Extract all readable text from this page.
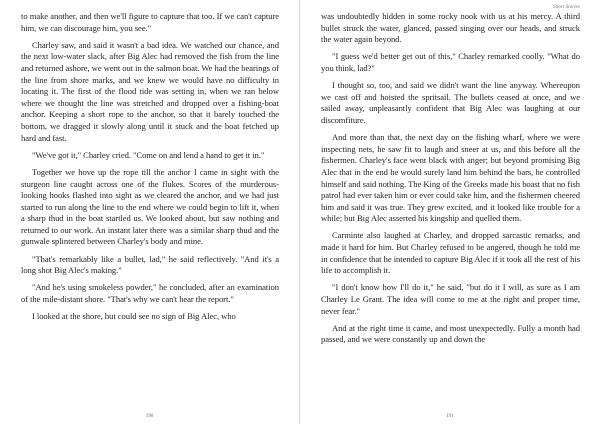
to make another, and then we'll figure to capture that too. If we can't capture him, we can discourage him, you see."

Charley saw, and said it wasn't a bad idea. We watched our chance, and the next low-water slack, after Big Alec had removed the fish from the line and returned ashore, we went out in the salmon boat. We had the bearings of the line from shore marks, and we knew we would have no difficulty in locating it. The first of the flood tide was setting in, when we ran below where we thought the line was stretched and dropped over a fishing-boat anchor. Keeping a short rope to the anchor, so that it barely touched the bottom, we dragged it slowly along until it stuck and the boat fetched up hard and fast.

"We've got it," Charley cried. "Come on and lend a hand to get it in."

Together we hove up the rope till the anchor I came in sight with the sturgeon line caught across one of the flukes. Scores of the murderous-looking hooks flashed into sight as we cleared the anchor, and we had just started to run along the line to the end where we could begin to lift it, when a sharp thud in the boat startled us. We looked about, but saw nothing and returned to our work. An instant later there was a similar sharp thud and the gunwale splintered between Charley's body and mine.

"That's remarkably like a bullet, lad," he said reflectively. "And it's a long shot Big Alec's making."

"And he's using smokeless powder," he concluded, after an examination of the mile-distant shore. "That's why we can't hear the report."

I looked at the shore, but could see no sign of Big Alec, who

190
Short Stories

was undoubtedly hidden in some rocky nook with us at his mercy. A third bullet struck the water, glanced, passed singing over our heads, and struck the water again beyond.

"I guess we'd better get out of this," Charley remarked coolly. "What do you think, lad?"

I thought so, too, and said we didn't want the line anyway. Whereupon we cast off and hoisted the spritsail. The bullets ceased at once, and we sailed away, unpleasantly confident that Big Alec was laughing at our discomfiture.

And more than that, the next day on the fishing wharf, where we were inspecting nets, he saw fit to laugh and sneer at us, and this before all the fishermen. Charley's face went black with anger; but beyond promising Big Alec that in the end he would surely land him behind the bars, he controlled himself and said nothing. The King of the Greeks made his boast that no fish patrol had ever taken him or ever could take him, and the fishermen cheered him and said it was true. They grew excited, and it looked like trouble for a while; but Big Alec asserted his kingship and quelled them.

Carminte also laughed at Charley, and dropped sarcastic remarks, and made it hard for him. But Charley refused to be angered, though he told me in confidence that he intended to capture Big Alec if it took all the rest of his life to accomplish it.

"I don't know how I'll do it," he said, "but do it I will, as sure as I am Charley Le Grant. The idea will come to me at the right and proper time, never fear."

And at the right time it came, and most unexpectedly. Fully a month had passed, and we were constantly up and down the

191
